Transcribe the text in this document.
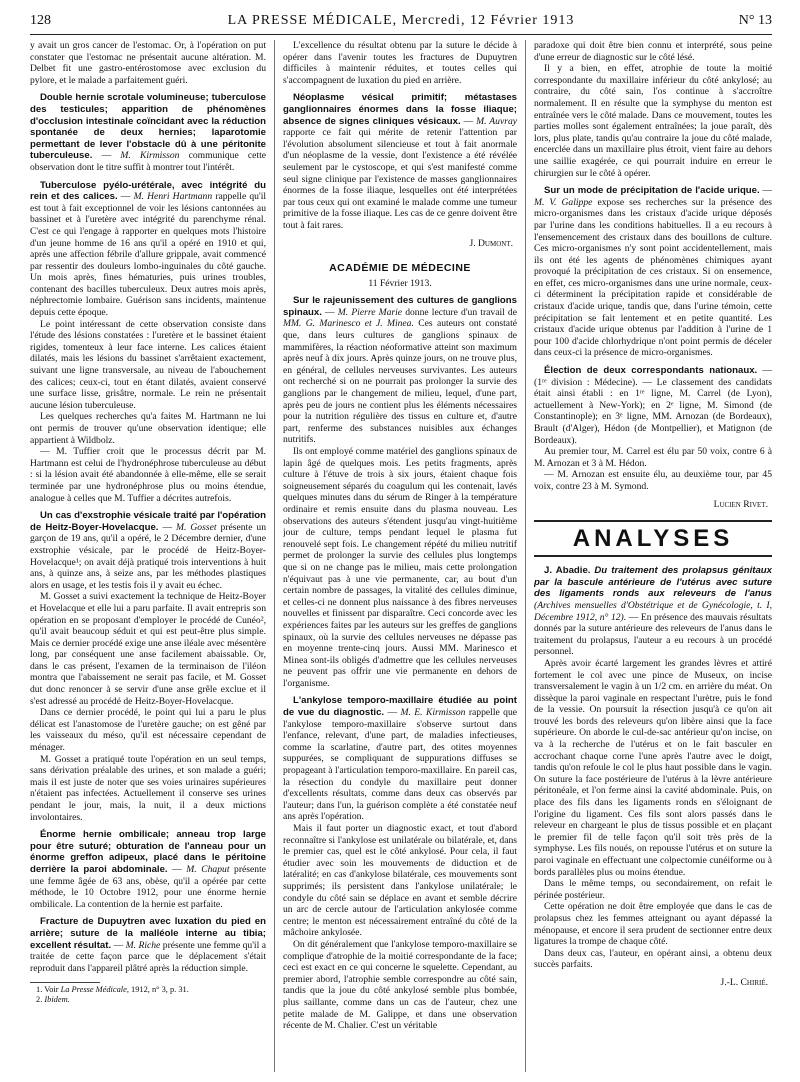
128	LA PRESSE MÉDICALE, Mercredi, 12 Février 1913	N° 13

y avait un gros cancer de l'estomac. Or, à l'opération on put constater que l'estomac ne présentait aucune altération. M. Delbet fit une gastro-entérostomose avec exclusion du pylore, et le malade a parfaitement guéri.

Double hernie scrotale volumineuse; tuberculose des testicules; apparition de phénomènes d'occlusion intestinale coïncidant avec la réduction spontanée de deux hernies; laparotomie permettant de lever l'obstacle dû à une péritonite tuberculeuse. — M. Kirmisson communique cette observation dont le titre suffit à montrer tout l'intérêt.

Tuberculose pyélo-urétérale, avec intégrité du rein et des calices. — M. Henri Hartmann rappelle qu'il est tout à fait exceptionnel de voir les lésions cantonnées au bassinet et à l'uretère avec intégrité du parenchyme rénal. C'est ce qui l'engage à rapporter en quelques mots l'histoire d'un jeune homme de 16 ans qu'il a opéré en 1910 et qui, après une affection fébrile d'allure grippale, avait commencé par ressentir des douleurs lombo-inguinales du côté gauche. Un mois après, fines hématuries, puis urines troubles, contenant des bacilles tuberculeux. Deux autres mois après, néphrectomie lombaire. Guérison sans incidents, maintenue depuis cette époque.

Le point intéressant de cette observation consiste dans l'étude des lésions constatées : l'uretère et le bassinet étaient rigides, tomenteux à leur face interne. Les calices étaient dilatés, mais les lésions du bassinet s'arrêtaient exactement, suivant une ligne transversale, au niveau de l'abouchement des calices; ceux-ci, tout en étant dilatés, avaient conservé une surface lisse, grisâtre, normale. Le rein ne présentait aucune lésion tuberculeuse.

Les quelques recherches qu'a faites M. Hartmann ne lui ont permis de trouver qu'une observation identique; elle appartient à Wildbolz.

— M. Tuffier croit que le processus décrit par M. Hartmann est celui de l'hydronéphrose tuberculeuse au début : si la lésion avait été abandonnée à elle-même, elle se serait terminée par une hydronéphrose plus ou moins étendue, analogue à celles que M. Tuffier a décrites autrefois.

Un cas d'exstrophie vésicale traité par l'opération de Heitz-Boyer-Hovelacque. — M. Gosset présente un garçon de 19 ans, qu'il a opéré, le 2 Décembre dernier, d'une exstrophie vésicale, par le procédé de Heitz-Boyer-Hovelacque¹; on avait déjà pratiqué trois interventions à huit ans, à quinze ans, à seize ans, par les méthodes plastiques alors en usage, et les testis fois il y avait eu échec.

M. Gosset a suivi exactement la technique de Heitz-Boyer et Hovelacque et elle lui a paru parfaite. Il avait entrepris son opération en se proposant d'employer le procédé de Cunéo², qu'il avait beaucoup séduit et qui est peut-être plus simple. Mais ce dernier procédé exige une anse iléale avec mésentère long, par conséquent une anse facilement abaissable. Or, dans le cas présent, l'examen de la terminaison de l'iléon montra que l'abaissement ne serait pas facile, et M. Gosset dut donc renoncer à se servir d'une anse grêle exclue et il s'est adressé au procédé de Heitz-Boyer-Hovelacque.

Dans ce dernier procédé, le point qui lui a paru le plus délicat est l'anastomose de l'uretère gauche; on est gêné par les vaisseaux du méso, qu'il est nécessaire cependant de ménager.

M. Gosset a pratiqué toute l'opération en un seul temps, sans dérivation préalable des urines, et son malade a guéri; mais il est juste de noter que ses voies urinaires supérieures n'étaient pas infectées. Actuellement il conserve ses urines pendant le jour, mais, la nuit, il a deux mictions involontaires.

Énorme hernie ombilicale; anneau trop large pour être suturé; obturation de l'anneau pour un énorme greffon adipeux, placé dans le péritoine derrière la paroi abdominale. — M. Chaput présente une femme âgée de 63 ans, obèse, qu'il a opérée par cette méthode, le 10 Octobre 1912, pour une énorme hernie ombilicale. La contention de la hernie est parfaite.

Fracture de Dupuytren avec luxation du pied en arrière; suture de la malléole interne au tibia; excellent résultat. — M. Riche présente une femme qu'il a traitée de cette façon parce que le déplacement s'était reproduit dans l'appareil plâtré après la réduction simple.

1. Voir La Presse Médicale, 1912, n° 3, p. 31.

2. Ibidem.

L'excellence du résultat obtenu par la suture le décide à opérer dans l'avenir toutes les fractures de Dupuytren difficiles à maintenir réduites, et toutes celles qui s'accompagnent de luxation du pied en arrière.

Néoplasme vésical primitif; métastases ganglionnaires énormes dans la fosse iliaque; absence de signes cliniques vésicaux. — M. Auvray rapporte ce fait qui mérite de retenir l'attention par l'évolution absolument silencieuse et tout à fait anormale d'un néoplasme de la vessie, dont l'existence a été révélée seulement par le cystoscope, et qui s'est manifesté comme seul signe clinique par l'existence de masses ganglionnaires énormes de la fosse iliaque, lesquelles ont été interprétées par tous ceux qui ont examiné le malade comme une tumeur primitive de la fosse iliaque. Les cas de ce genre doivent être tout à fait rares.

J. Dumont.
ACADÉMIE DE MÉDECINE
11 Février 1913.

Sur le rajeunissement des cultures de ganglions spinaux. — M. Pierre Marie donne lecture d'un travail de MM. G. Marinesco et J. Minea. Ces auteurs ont constaté que, dans leurs cultures de ganglions spinaux de mammifères, la réaction néoformative atteint son maximum après neuf à dix jours. Après quinze jours, on ne trouve plus, en général, de cellules nerveuses survivantes. Les auteurs ont recherché si on ne pourrait pas prolonger la survie des ganglions par le changement de milieu, lequel, d'une part, après peu de jours ne contient plus les éléments nécessaires pour la nutrition régulière des tissus en culture et, d'autre part, renferme des substances nuisibles aux échanges nutritifs.

Ils ont employé comme matériel des ganglions spinaux de lapin âgé de quelques mois. Les petits fragments, après culture à l'étuve de trois à six jours, étaient chaque fois soigneusement séparés du coagulum qui les contenait, lavés quelques minutes dans du sérum de Ringer à la température ordinaire et remis ensuite dans du plasma nouveau. Les observations des auteurs s'étendent jusqu'au vingt-huitième jour de culture, temps pendant lequel le plasma fut renouvelé sept fois. Le changement répété du milieu nutritif permet de prolonger la survie des cellules plus longtemps que si on ne change pas le milieu, mais cette prolongation n'équivaut pas à une vie permanente, car, au bout d'un certain nombre de passages, la vitalité des cellules diminue, et celles-ci ne donnent plus naissance à des fibres nerveuses nouvelles et finissent par disparaître. Ceci concorde avec les expériences faites par les auteurs sur les greffes de ganglions spinaux, où la survie des cellules nerveuses ne dépasse pas en moyenne trente-cinq jours. Aussi MM. Marinesco et Minea sont-ils obligés d'admettre que les cellules nerveuses ne peuvent pas offrir une vie permanente en dehors de l'organisme.

L'ankylose temporo-maxillaire étudiée au point de vue du diagnostic. — M. E. Kirmisson rappelle que l'ankylose temporo-maxillaire s'observe surtout dans l'enfance, relevant, d'une part, de maladies infectieuses, comme la scarlatine, d'autre part, des otites moyennes suppurées, se compliquant de suppurations diffuses se propageant à l'articulation temporo-maxillaire. En pareil cas, la résection du condyle du maxillaire peut donner d'excellents résultats, comme dans deux cas observés par l'auteur; dans l'un, la guérison complète a été constatée neuf ans après l'opération.

Mais il faut porter un diagnostic exact, et tout d'abord reconnaître si l'ankylose est unilatérale ou bilatérale, et, dans le premier cas, quel est le côté ankylosé. Pour cela, il faut étudier avec soin les mouvements de diduction et de latéralité; en cas d'ankylose bilatérale, ces mouvements sont supprimés; ils persistent dans l'ankylose unilatérale; le condyle du côté sain se déplace en avant et semble décrire un arc de cercle autour de l'articulation ankylosée comme centre; le menton est nécessairement entraîné du côté de la mâchoire ankylosée.

On dit généralement que l'ankylose temporo-maxillaire se complique d'atrophie de la moitié correspondante de la face; ceci est exact en ce qui concerne le squelette. Cependant, au premier abord, l'atrophie semble correspondre au côté sain, tandis que la joue du côté ankylosé semble plus bombée, plus saillante, comme dans un cas de l'auteur, chez une petite malade de M. Galippe, et dans une observation récente de M. Chalier. C'est un véritable

paradoxe qui doit être bien connu et interprété, sous peine d'une erreur de diagnostic sur le côté lésé.

Il y a bien, en effet, atrophie de toute la moitié correspondante du maxillaire inférieur du côté ankylosé; au contraire, du côté sain, l'os continue à s'accroître normalement. Il en résulte que la symphyse du menton est entraînée vers le côté malade. Dans ce mouvement, toutes les parties molles sont également entraînées; la joue paraît, dès lors, plus plate, tandis qu'au contraire la joue du côté malade, encerclée dans un maxillaire plus étroit, vient faire au dehors une saillie exagérée, ce qui pourrait induire en erreur le chirurgien sur le côté à opérer.

Sur un mode de précipitation de l'acide urique. — M. V. Galippe expose ses recherches sur la présence des micro-organismes dans les cristaux d'acide urique déposés par l'urine dans les conditions habituelles. Il a eu recours à l'ensemencement des cristaux dans des bouillons de culture. Ces micro-organismes n'y sont point accidentellement, mais ils ont été les agents de phénomènes chimiques ayant provoqué la précipitation de ces cristaux. Si on ensemence, en effet, ces micro-organismes dans une urine normale, ceux-ci déterminent la précipitation rapide et considérable de cristaux d'acide urique, tandis que, dans l'urine témoin, cette précipitation se fait lentement et en petite quantité. Les cristaux d'acide urique obtenus par l'addition à l'urine de 1 pour 100 d'acide chlorhydrique n'ont point permis de déceler dans ceux-ci la présence de micro-organismes.

Élection de deux correspondants nationaux. — (1ʳᵉ division : Médecine). — Le classement des candidats était ainsi établi : en 1ʳᵉ ligne, M. Carrel (de Lyon), actuellement à New-York); en 2ᵉ ligne, M. Simond (de Constantinople); en 3ᵉ ligne, MM. Arnozan (de Bordeaux), Brault (d'Alger), Hédon (de Montpellier), et Matignon (de Bordeaux).

Au premier tour, M. Carrel est élu par 50 voix, contre 6 à M. Arnozan et 3 à M. Hédon.

— M. Arnozan est ensuite élu, au deuxième tour, par 45 voix, contre 23 à M. Symond.

Lucien Rivet.
ANALYSES

J. Abadie. Du traitement des prolapsus génitaux par la bascule antérieure de l'utérus avec suture des ligaments ronds aux releveurs de l'anus (Archives mensuelles d'Obstétrique et de Gynécologie, t. I, Décembre 1912, n° 12). — En présence des mauvais résultats donnés par la suture antérieure des releveurs de l'anus dans le traitement du prolapsus, l'auteur a eu recours à un procédé personnel.

Après avoir écarté largement les grandes lèvres et attiré fortement le col avec une pince de Museux, on incise transversalement le vagin à un 1/2 cm. en arrière du méat. On dissèque la paroi vaginale en respectant l'urètre, puis le fond de la vessie. On poursuit la résection jusqu'à ce qu'on ait trouvé les bords des releveurs qu'on libère ainsi que la face supérieure. On aborde le cul-de-sac antérieur qu'on incise, on va à la recherche de l'utérus et on le fait basculer en accrochant chaque corne l'une après l'autre avec le doigt, tandis qu'on refoule le col le plus haut possible dans le vagin. On suture la face postérieure de l'utérus à la lèvre antérieure péritonéale, et l'on ferme ainsi la cavité abdominale. Puis, on place des fils dans les ligaments ronds en s'éloignant de l'origine du ligament. Ces fils sont alors passés dans le releveur en chargeant le plus de tissus possible et en plaçant le premier fil de telle façon qu'il soit très près de la symphyse. Les fils noués, on repousse l'utérus et on suture la paroi vaginale en effectuant une colpectomie cunéiforme ou à bords parallèles plus ou moins étendue.

Dans le même temps, ou secondairement, on refait le périnée postérieur.

Cette opération ne doit être employée que dans le cas de prolapsus chez les femmes atteignant ou ayant dépassé la ménopause, et encore il sera prudent de sectionner entre deux ligatures la trompe de chaque côté.

Dans deux cas, l'auteur, en opérant ainsi, a obtenu deux succès parfaits.

J.-L. Chirié.
